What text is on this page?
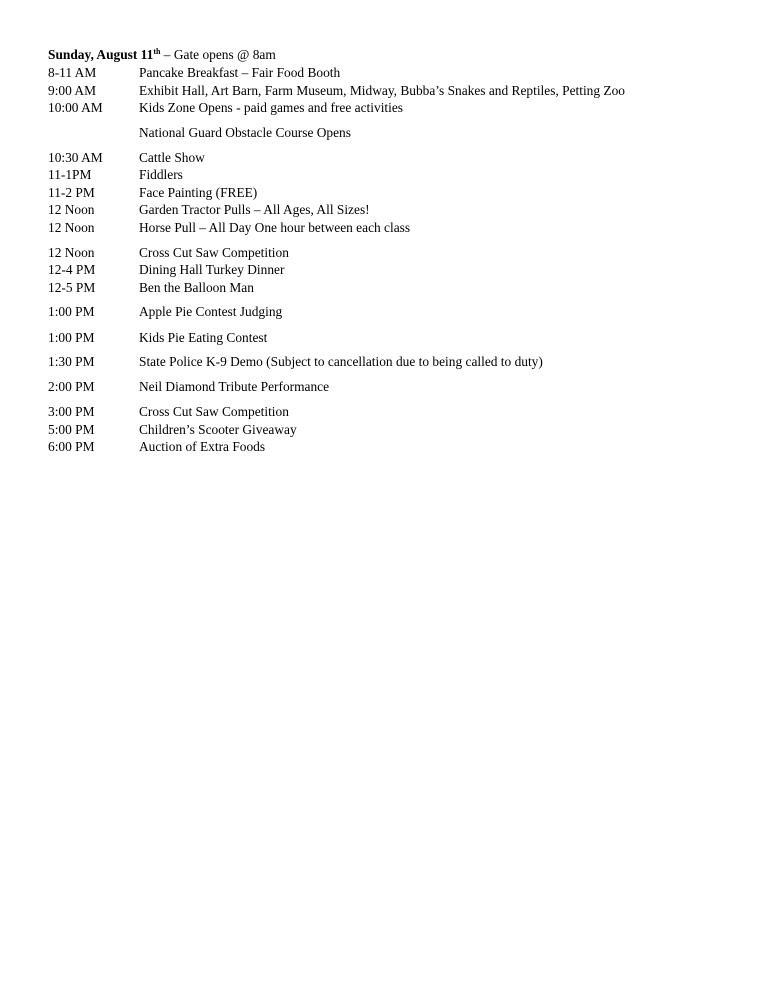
Sunday, August 11th – Gate opens @ 8am
8-11 AM	Pancake Breakfast – Fair Food Booth
9:00 AM	Exhibit Hall, Art Barn, Farm Museum, Midway, Bubba’s Snakes and Reptiles, Petting Zoo
10:00 AM	Kids Zone Opens - paid games and free activities
National Guard Obstacle Course Opens
10:30 AM	Cattle Show
11-1PM	Fiddlers
11-2 PM	Face Painting (FREE)
12 Noon	Garden Tractor Pulls – All Ages, All Sizes!
12 Noon	Horse Pull – All Day One hour between each class
12 Noon	Cross Cut Saw Competition
12-4 PM	Dining Hall Turkey Dinner
12-5 PM	Ben the Balloon Man
1:00 PM	Apple Pie Contest Judging
1:00 PM	Kids Pie Eating Contest
1:30 PM	State Police K-9 Demo (Subject to cancellation due to being called to duty)
2:00 PM	Neil Diamond Tribute Performance
3:00 PM	Cross Cut Saw Competition
5:00 PM	Children’s Scooter Giveaway
6:00 PM	Auction of Extra Foods
